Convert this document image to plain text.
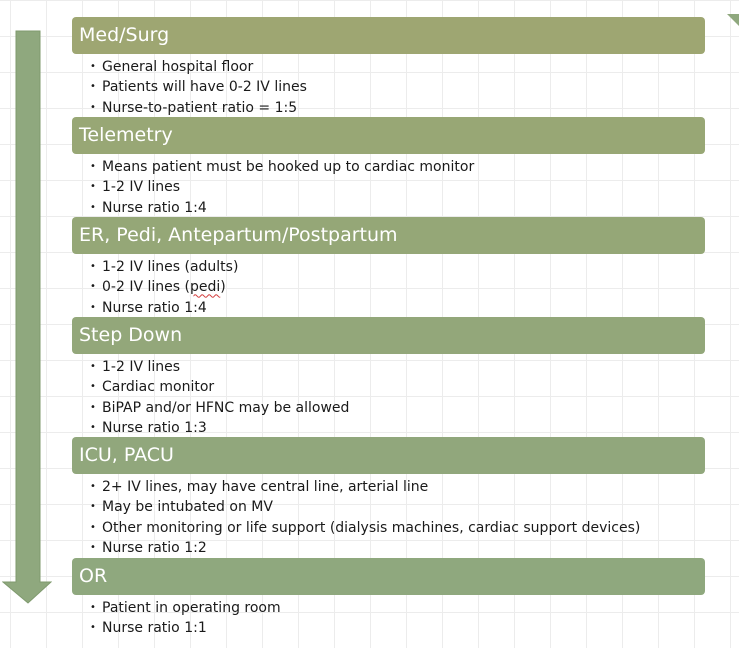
Med/Surg
• General hospital floor
• Patients will have 0-2 IV lines
• Nurse-to-patient ratio = 1:5
Telemetry
• Means patient must be hooked up to cardiac monitor
• 1-2 IV lines
• Nurse ratio 1:4
ER, Pedi, Antepartum/Postpartum
• 1-2 IV lines (adults)
• 0-2 IV lines (pedi)
• Nurse ratio 1:4
Step Down
• 1-2 IV lines
• Cardiac monitor
• BiPAP and/or HFNC may be allowed
• Nurse ratio 1:3
ICU, PACU
• 2+ IV lines, may have central line, arterial line
• May be intubated on MV
• Other monitoring or life support (dialysis machines, cardiac support devices)
• Nurse ratio 1:2
OR
• Patient in operating room
• Nurse ratio 1:1
